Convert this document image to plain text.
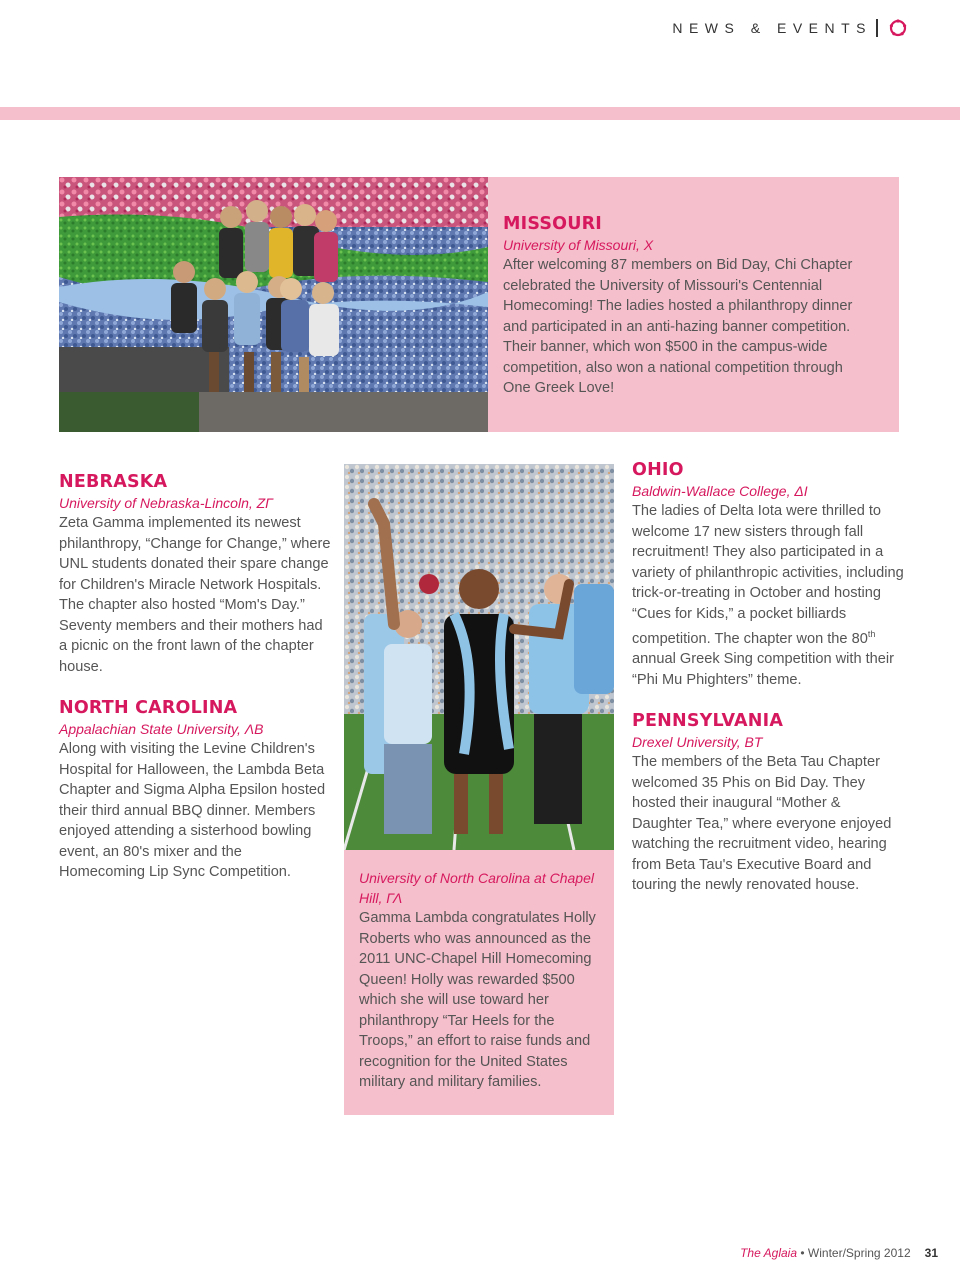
NEWS & EVENTS
MISSOURI
University of Missouri, Χ
After welcoming 87 members on Bid Day, Chi Chapter celebrated the University of Missouri's Centennial Homecoming! The ladies hosted a philanthropy dinner and participated in an anti-hazing banner competition. Their banner, which won $500 in the campus-wide competition, also won a national competition through One Greek Love!
NEBRASKA
University of Nebraska-Lincoln, ΖΓ
Zeta Gamma implemented its newest philanthropy, “Change for Change,” where UNL students donated their spare change for Children's Miracle Network Hospitals. The chapter also hosted “Mom's Day.” Seventy members and their mothers had a picnic on the front lawn of the chapter house.
NORTH CAROLINA
Appalachian State University, ΛΒ
Along with visiting the Levine Children's Hospital for Halloween, the Lambda Beta Chapter and Sigma Alpha Epsilon hosted their third annual BBQ dinner. Members enjoyed attending a sisterhood bowling event, an 80's mixer and the Homecoming Lip Sync Competition.	University of North Carolina at Chapel Hill, ΓΛ
Gamma Lambda congratulates Holly Roberts who was announced as the 2011 UNC-Chapel Hill Homecoming Queen! Holly was rewarded $500 which she will use toward her philanthropy “Tar Heels for the Troops,” an effort to raise funds and recognition for the United States military and military families.
OHIO
Baldwin-Wallace College, ΔΙ
The ladies of Delta Iota were thrilled to welcome 17 new sisters through fall recruitment! They also participated in a variety of philanthropic activities, including trick-or-treating in October and hosting “Cues for Kids,” a pocket billiards competition. The chapter won the 80th annual Greek Sing competition with their “Phi Mu Phighters” theme.
PENNSYLVANIA
Drexel University, ΒΤ
The members of the Beta Tau Chapter welcomed 35 Phis on Bid Day. They hosted their inaugural “Mother & Daughter Tea,” where everyone enjoyed watching the recruitment video, hearing from Beta Tau's Executive Board and touring the newly renovated house.
The Aglaia • Winter/Spring 2012 31
